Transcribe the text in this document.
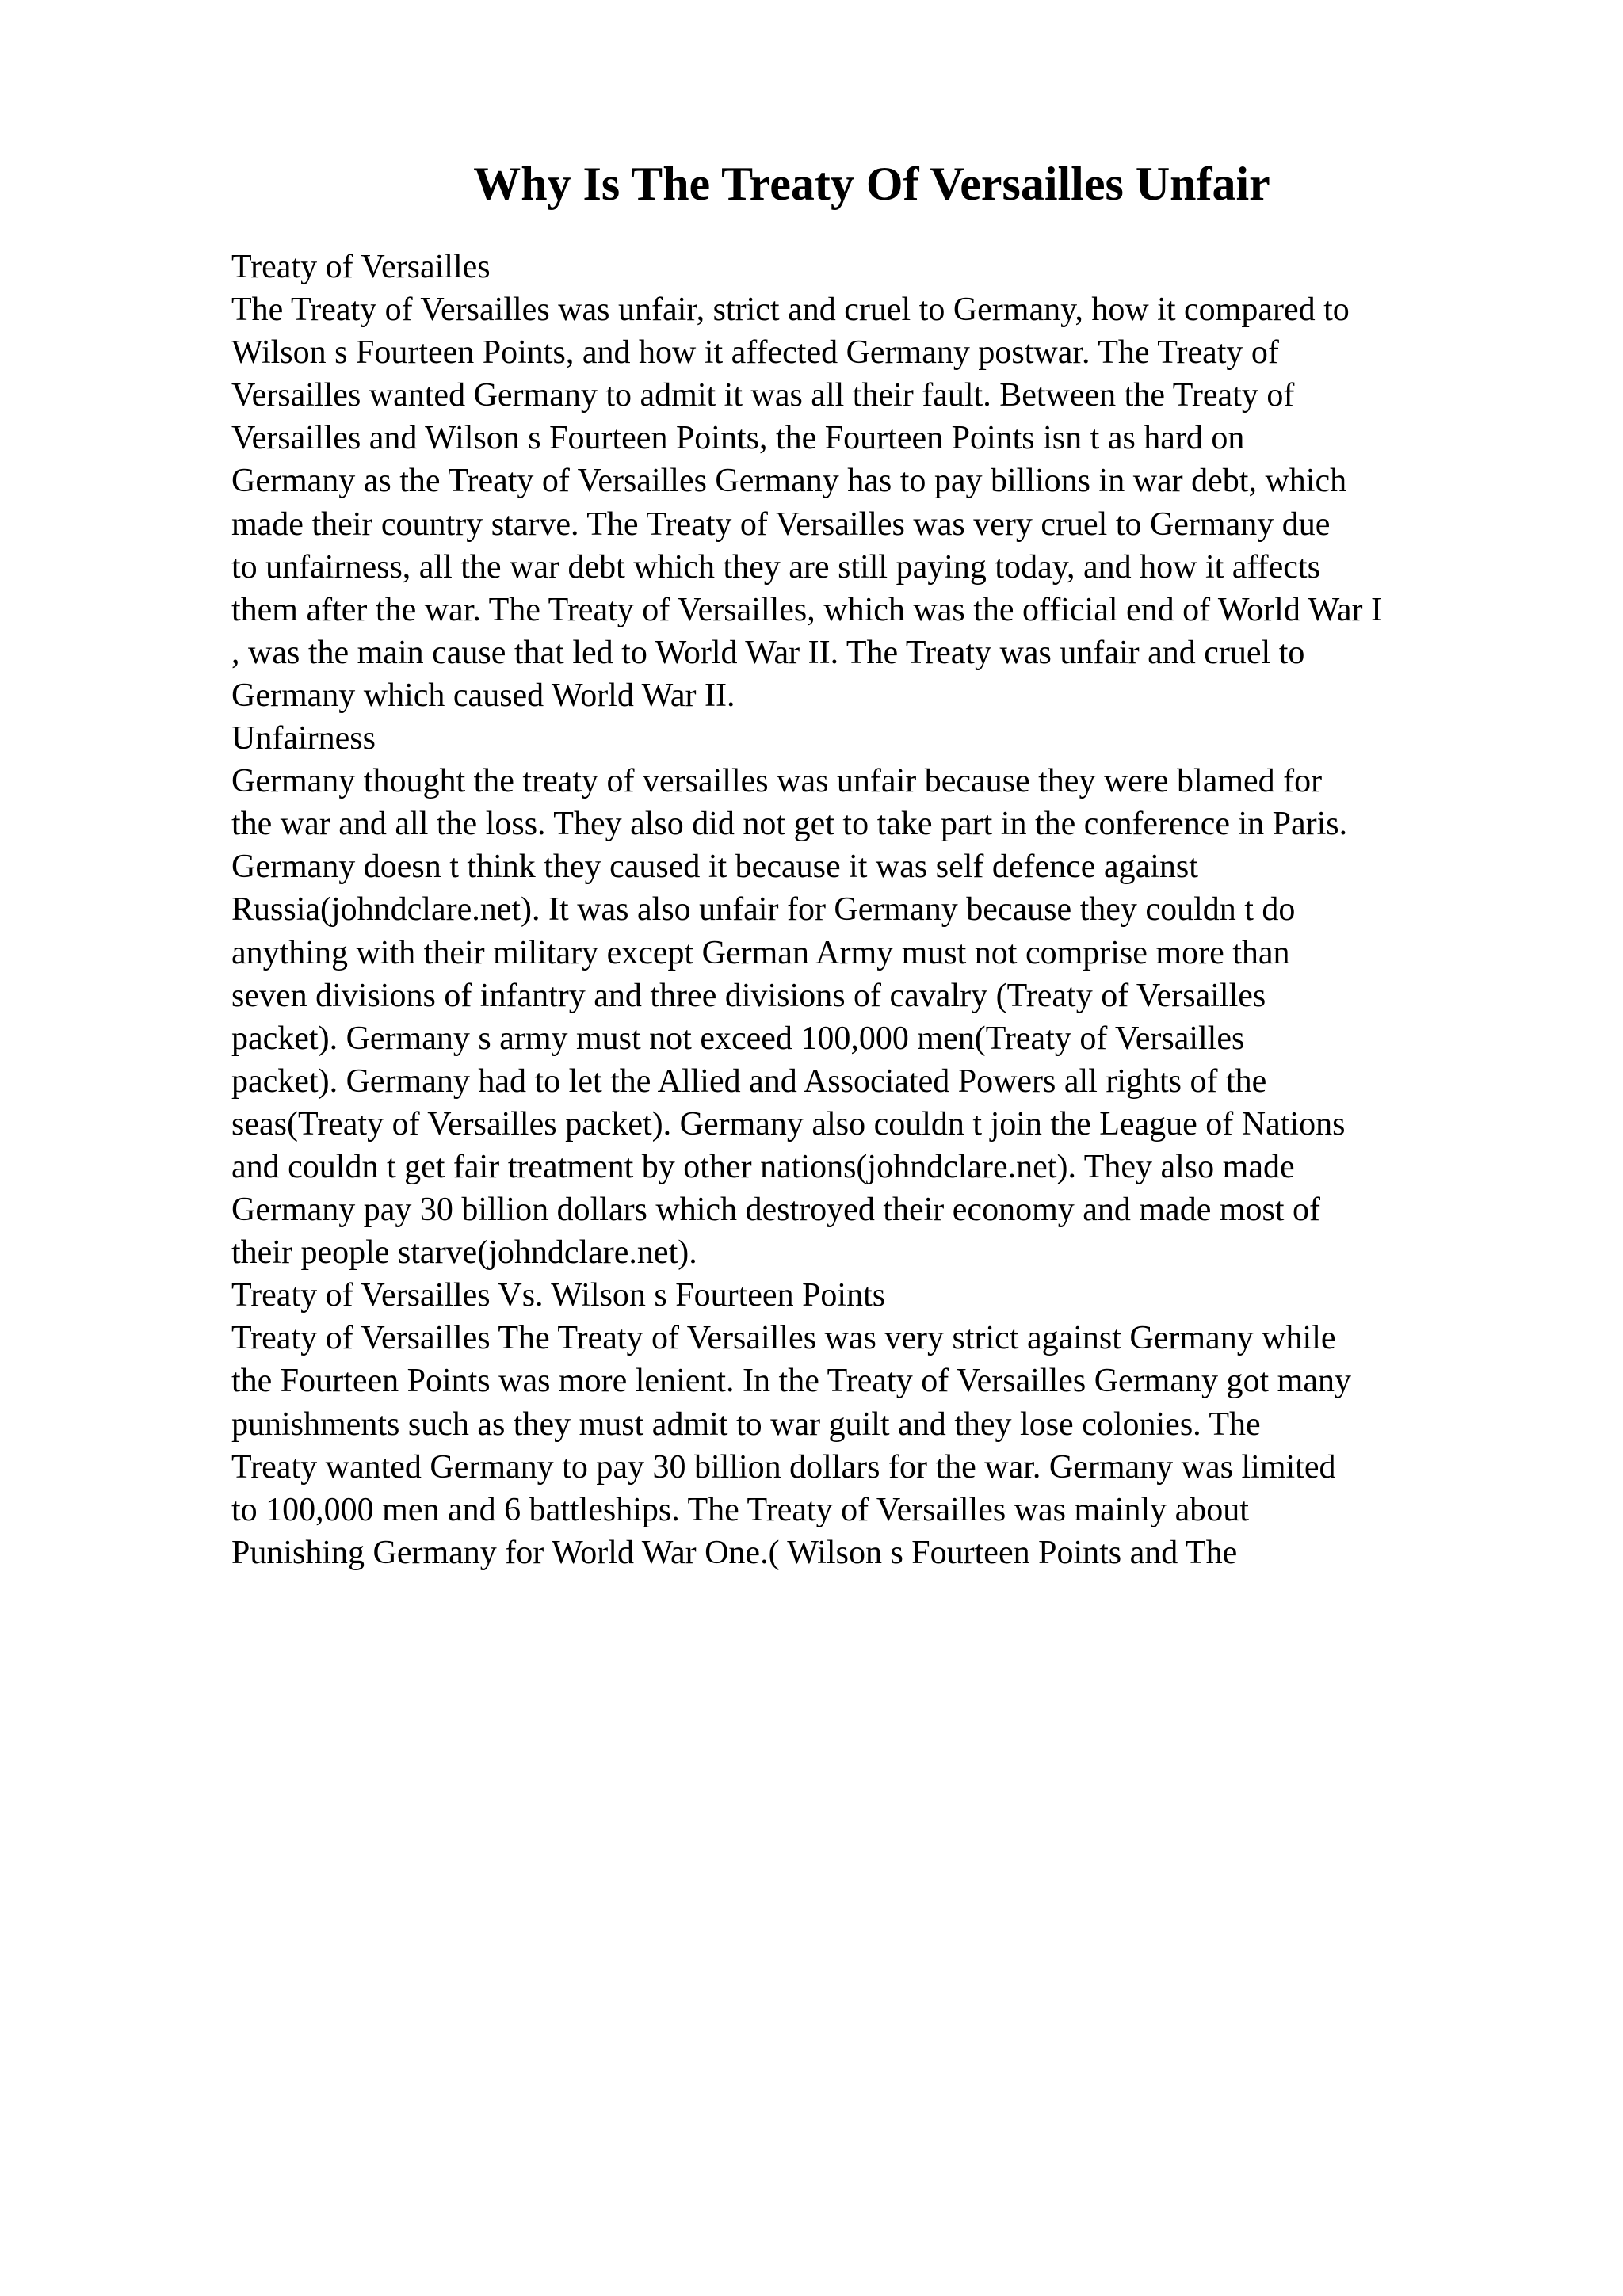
Why Is The Treaty Of Versailles Unfair

Treaty of Versailles

The Treaty of Versailles was unfair, strict and cruel to Germany, how it compared to

Wilson s Fourteen Points, and how it affected Germany postwar. The Treaty of

Versailles wanted Germany to admit it was all their fault. Between the Treaty of

Versailles and Wilson s Fourteen Points, the Fourteen Points isn t as hard on

Germany as the Treaty of Versailles Germany has to pay billions in war debt, which

made their country starve. The Treaty of Versailles was very cruel to Germany due

to unfairness, all the war debt which they are still paying today, and how it affects

them after the war. The Treaty of Versailles, which was the official end of World War I

, was the main cause that led to World War II. The Treaty was unfair and cruel to

Germany which caused World War II.

Unfairness

Germany thought the treaty of versailles was unfair because they were blamed for

the war and all the loss. They also did not get to take part in the conference in Paris.

Germany doesn t think they caused it because it was self defence against

Russia(johndclare.net). It was also unfair for Germany because they couldn t do

anything with their military except German Army must not comprise more than

seven divisions of infantry and three divisions of cavalry (Treaty of Versailles

packet). Germany s army must not exceed 100,000 men(Treaty of Versailles

packet). Germany had to let the Allied and Associated Powers all rights of the

seas(Treaty of Versailles packet). Germany also couldn t join the League of Nations

and couldn t get fair treatment by other nations(johndclare.net). They also made

Germany pay 30 billion dollars which destroyed their economy and made most of

their people starve(johndclare.net).

Treaty of Versailles Vs. Wilson s Fourteen Points

Treaty of Versailles The Treaty of Versailles was very strict against Germany while

the Fourteen Points was more lenient. In the Treaty of Versailles Germany got many

punishments such as they must admit to war guilt and they lose colonies. The

Treaty wanted Germany to pay 30 billion dollars for the war. Germany was limited

to 100,000 men and 6 battleships. The Treaty of Versailles was mainly about

Punishing Germany for World War One.( Wilson s Fourteen Points and The
